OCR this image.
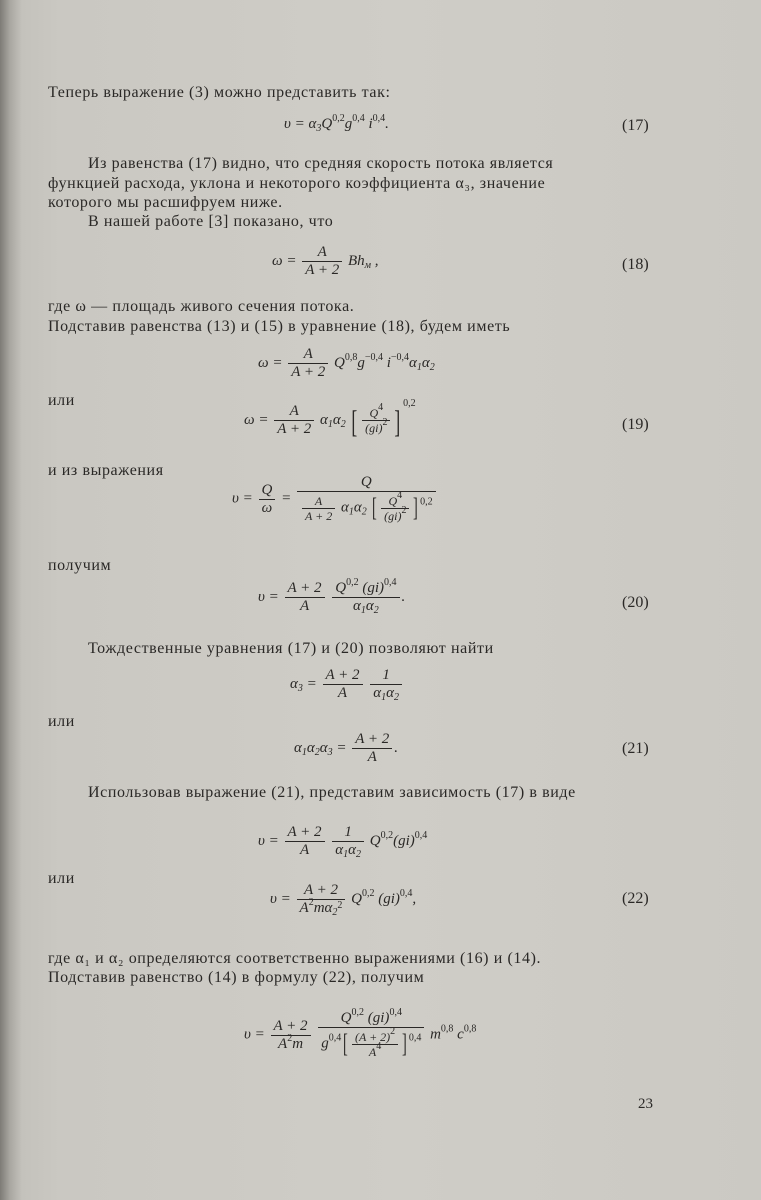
Теперь выражение (3) можно представить так:
$\upsilon = \alpha_3Q^{0,2}g^{0,4}$ $i^{0,4}$.	(17)
Из равенства (17) видно, что средняя скорость потока является
функцией расхода, уклона и некоторого коэффициента α₃, значение
которого мы расшифруем ниже.
В нашей работе [3] показано, что
$\omega = \frac{A}{A + 2} Bh_м$ ,	(18)
где ω — площадь живого сечения потока.
Подставив равенства (13) и (15) в уравнение (18), будем иметь
$\omega = \frac{A}{A + 2} Q^{0,8}g^{-0,4}$ $i^{-0,4}\alpha_1\alpha_2$
или
$\omega = \frac{A}{A + 2} \alpha_1\alpha_2$ [ $\frac{Q^4}{(gi)^2}$ ] $^{0,2}$
(19)
и из выражения
$\upsilon = \frac{Q}{\omega} = \frac{Q}{\frac{A}{A + 2} \alpha_1\alpha_2 [ \frac{Q^4}{(gi)^2} ] ^{0,2}}$
получим
$\upsilon = \frac{A + 2}{A}$
$\frac{Q^{0,2} (gi)^{0,4}}{\alpha_1\alpha_2}$ .	(20)
Тождественные уравнения (17) и (20) позволяют найти
$\alpha_3 = \frac{A + 2}{A}$
$\frac{1}{\alpha_1\alpha_2}$
или
$\alpha_1\alpha_2\alpha_3 = \frac{A + 2}{A}$ .	(21)
Использовав выражение (21), представим зависимость (17) в виде
$\upsilon = \frac{A + 2}{A}$
$\frac{1}{\alpha_1\alpha_2} Q^{0,2}(gi)^{0,4}$
или
$\upsilon = \frac{A + 2}{A^2m\alpha_2^2} Q^{0,2}$ (gi)$^{0,4}$,	(22)
где α₁ и α₂ определяются соответственно выражениями (16) и (14).
Подставив равенство (14) в формулу (22), получим
$\upsilon = \frac{A + 2}{A^2m}$
$\frac{Q^{0,2} (gi)^{0,4}}{g^{0,4}[ \frac{(A + 2)^2}{A^4} ] ^{0,4}} m^{0,8}$ $c^{0,8}$
23
